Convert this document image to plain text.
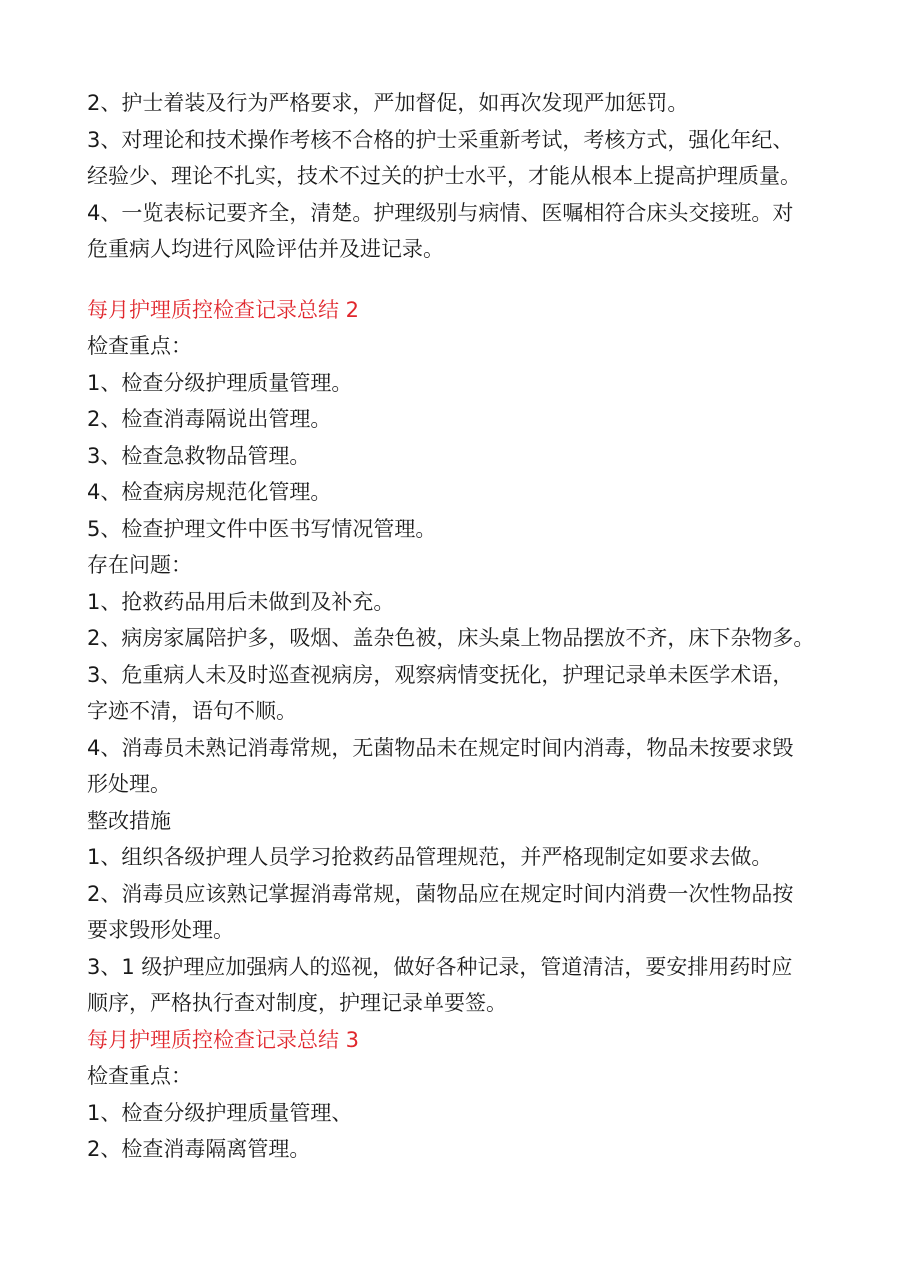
2、护士着装及行为严格要求，严加督促，如再次发现严加惩罚。
3、对理论和技术操作考核不合格的护士采重新考试，考核方式，强化年纪、
经验少、理论不扎实，技术不过关的护士水平，才能从根本上提高护理质量。
4、一览表标记要齐全，清楚。护理级别与病情、医嘱相符合床头交接班。对
危重病人均进行风险评估并及进记录。
每月护理质控检查记录总结 2
检查重点：
1、检查分级护理质量管理。
2、检查消毒隔说出管理。
3、检查急救物品管理。
4、检查病房规范化管理。
5、检查护理文件中医书写情况管理。
存在问题：
1、抢救药品用后未做到及补充。
2、病房家属陪护多，吸烟、盖杂色被，床头桌上物品摆放不齐，床下杂物多。
3、危重病人未及时巡查视病房，观察病情变抚化，护理记录单未医学术语，
字迹不清，语句不顺。
4、消毒员未熟记消毒常规，无菌物品未在规定时间内消毒，物品未按要求毁
形处理。
整改措施
1、组织各级护理人员学习抢救药品管理规范，并严格现制定如要求去做。
2、消毒员应该熟记掌握消毒常规，菌物品应在规定时间内消费一次性物品按
要求毁形处理。
3、1 级护理应加强病人的巡视，做好各种记录，管道清洁，要安排用药时应
顺序，严格执行查对制度，护理记录单要签。
每月护理质控检查记录总结 3
检查重点：
1、检查分级护理质量管理、
2、检查消毒隔离管理。
